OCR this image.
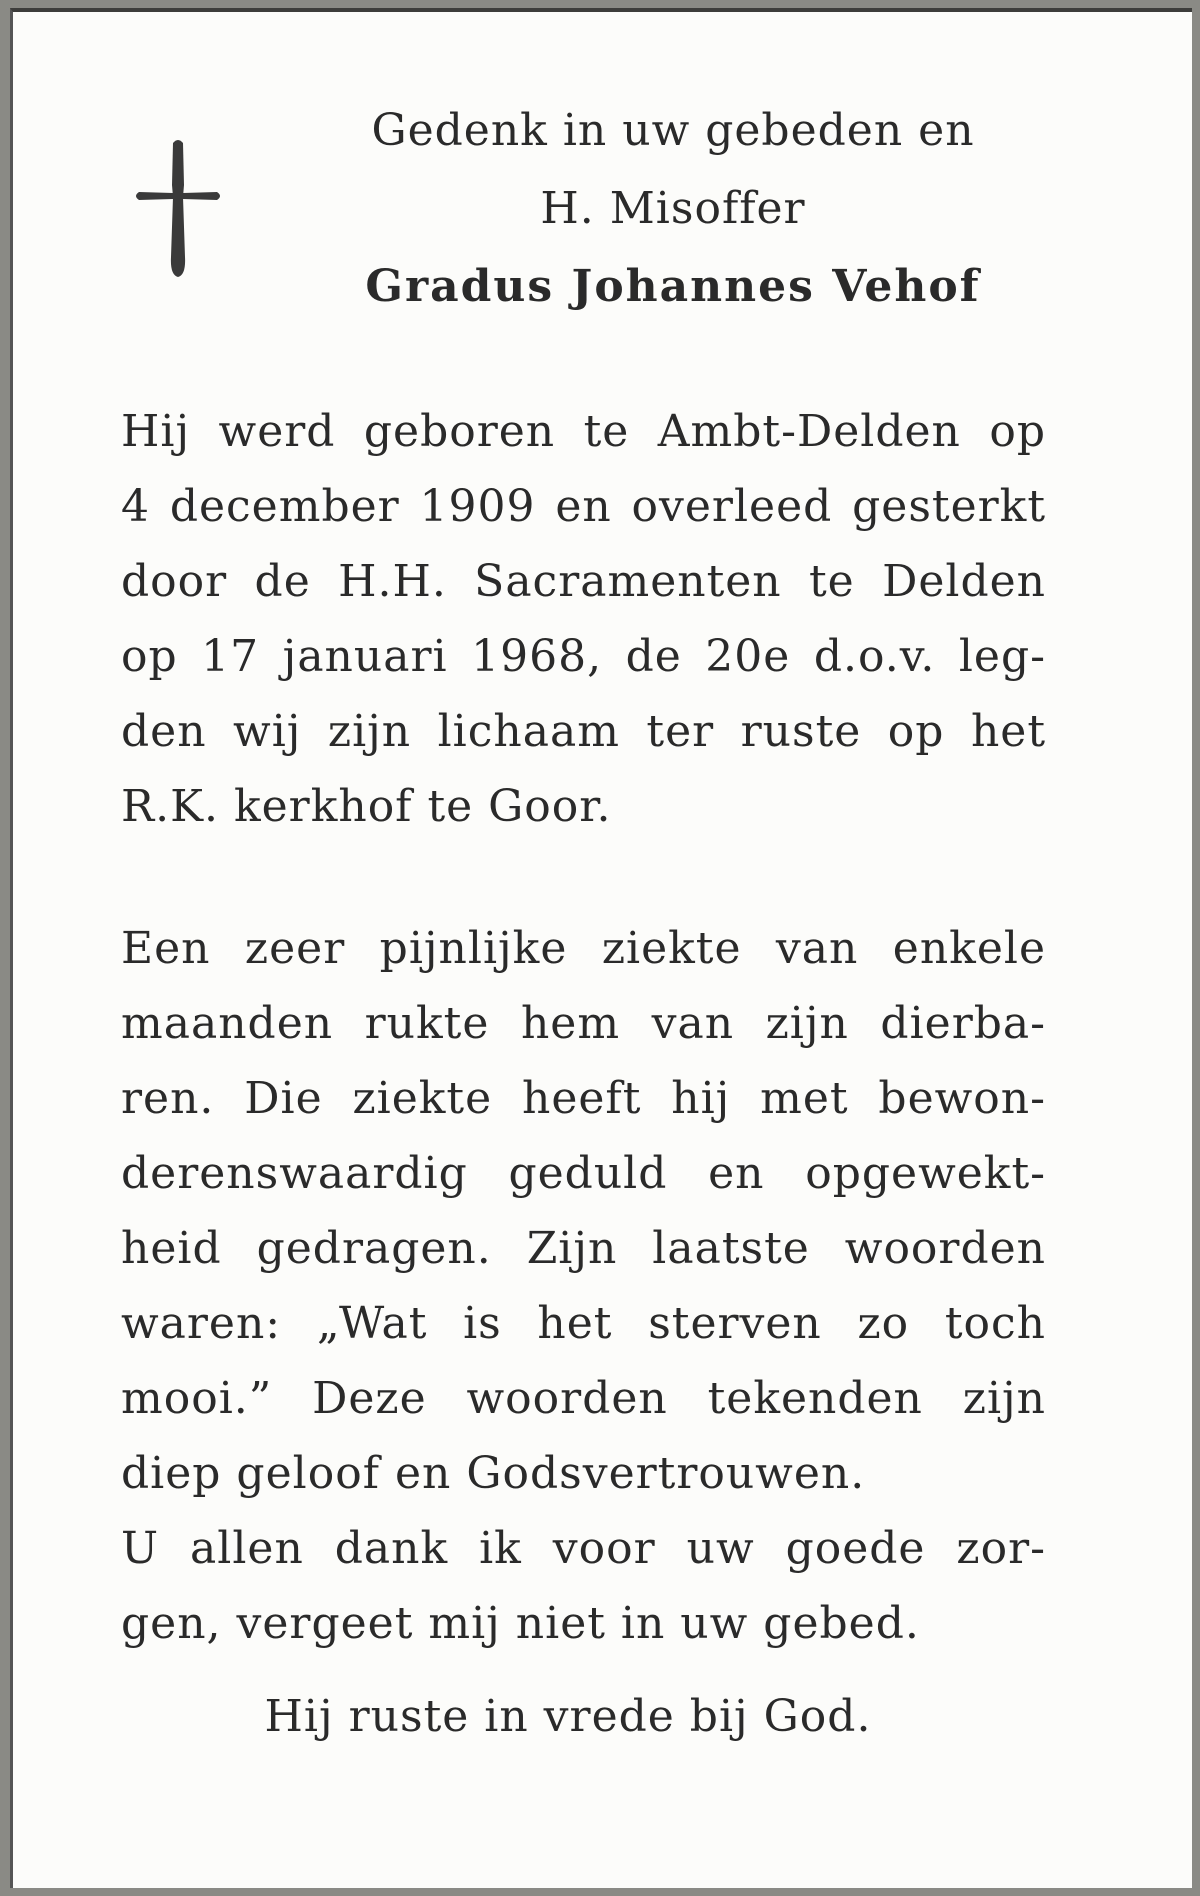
Gedenk in uw gebeden en
H. Misoffer
Gradus Johannes Vehof
Hij werd geboren te Ambt-Delden op
4 december 1909 en overleed gesterkt
door de H.H. Sacramenten te Delden
op 17 januari 1968, de 20e d.o.v. leg-
den wij zijn lichaam ter ruste op het
R.K. kerkhof te Goor.
Een zeer pijnlijke ziekte van enkele
maanden rukte hem van zijn dierba-
ren. Die ziekte heeft hij met bewon-
derenswaardig geduld en opgewekt-
heid gedragen. Zijn laatste woorden
waren: „Wat is het sterven zo toch
mooi.” Deze woorden tekenden zijn
diep geloof en Godsvertrouwen.
U allen dank ik voor uw goede zor-
gen, vergeet mij niet in uw gebed.
Hij ruste in vrede bij God.
